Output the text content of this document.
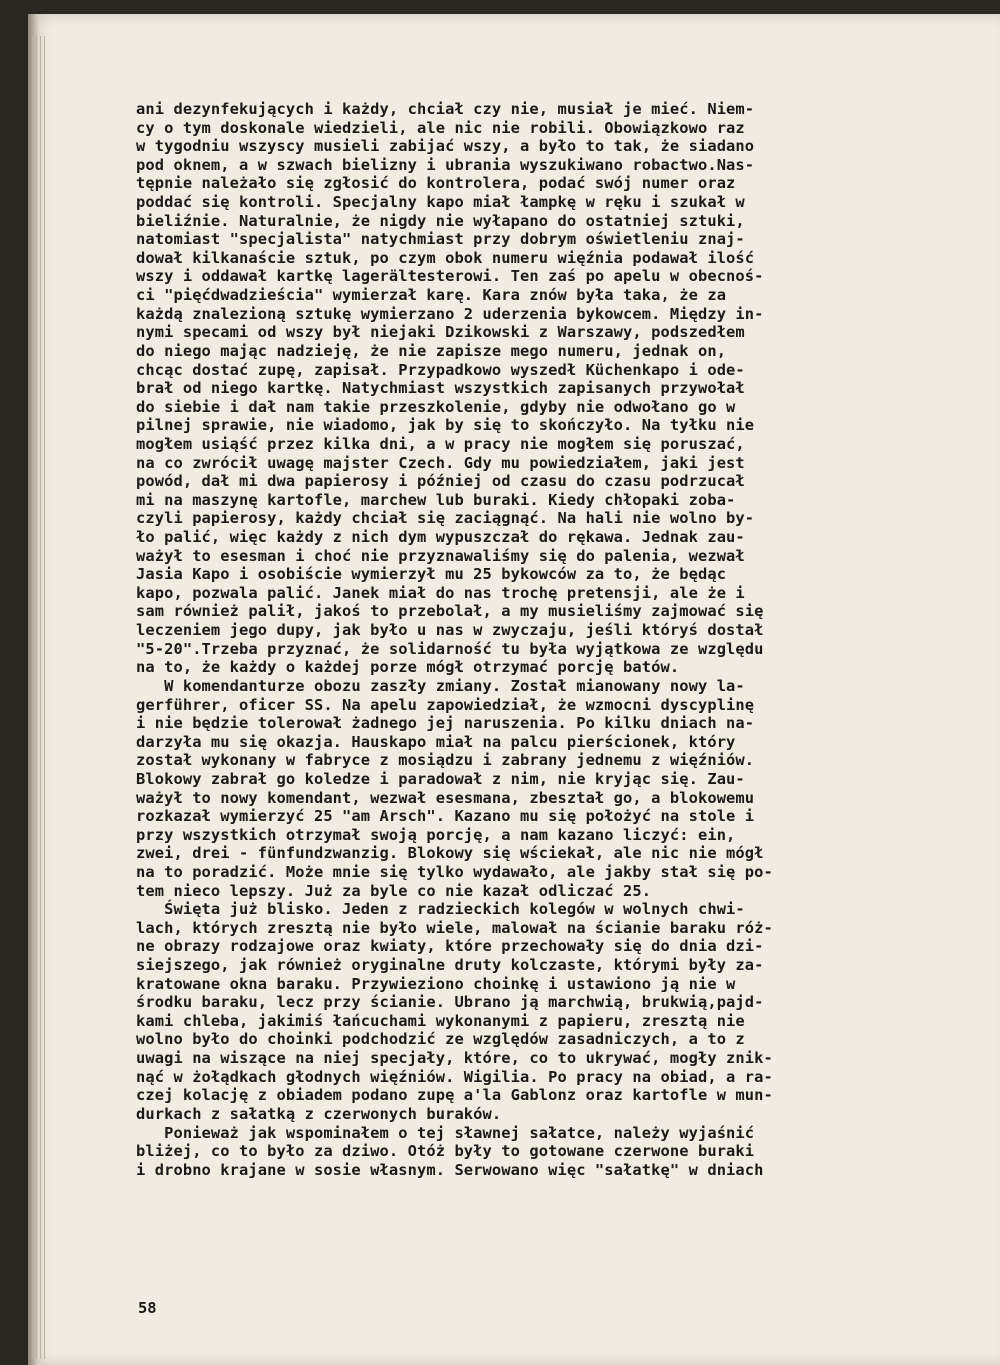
ani dezynfekujących i każdy, chciał czy nie, musiał je mieć. Niem-
cy o tym doskonale wiedzieli, ale nic nie robili. Obowiązkowo raz
w tygodniu wszyscy musieli zabijać wszy, a było to tak, że siadano
pod oknem, a w szwach bielizny i ubrania wyszukiwano robactwo.Nas-
tępnie należało się zgłosić do kontrolera, podać swój numer oraz
poddać się kontroli. Specjalny kapo miał łampkę w ręku i szukał w
bieliźnie. Naturalnie, że nigdy nie wyłapano do ostatniej sztuki,
natomiast "specjalista" natychmiast przy dobrym oświetleniu znaj-
dował kilkanaście sztuk, po czym obok numeru więźnia podawał ilość
wszy i oddawał kartkę lagerältesterowi. Ten zaś po apelu w obecnoś-
ci "pięćdwadzieścia" wymierzał karę. Kara znów była taka, że za
każdą znalezioną sztukę wymierzano 2 uderzenia bykowcem. Między in-
nymi specami od wszy był niejaki Dzikowski z Warszawy, podszedłem
do niego mając nadzieję, że nie zapisze mego numeru, jednak on,
chcąc dostać zupę, zapisał. Przypadkowo wyszedł Küchenkapo i ode-
brał od niego kartkę. Natychmiast wszystkich zapisanych przywołał
do siebie i dał nam takie przeszkolenie, gdyby nie odwołano go w
pilnej sprawie, nie wiadomo, jak by się to skończyło. Na tyłku nie
mogłem usiąść przez kilka dni, a w pracy nie mogłem się poruszać,
na co zwrócił uwagę majster Czech. Gdy mu powiedziałem, jaki jest
powód, dał mi dwa papierosy i później od czasu do czasu podrzucał
mi na maszynę kartofle, marchew lub buraki. Kiedy chłopaki zoba-
czyli papierosy, każdy chciał się zaciągnąć. Na hali nie wolno by-
ło palić, więc każdy z nich dym wypuszczał do rękawa. Jednak zau-
ważył to esesman i choć nie przyznawaliśmy się do palenia, wezwał
Jasia Kapo i osobiście wymierzył mu 25 bykowców za to, że będąc
kapo, pozwala palić. Janek miał do nas trochę pretensji, ale że i
sam również palił, jakoś to przebolał, a my musieliśmy zajmować się
leczeniem jego dupy, jak było u nas w zwyczaju, jeśli któryś dostał
"5-20".Trzeba przyznać, że solidarność tu była wyjątkowa ze względu
na to, że każdy o każdej porze mógł otrzymać porcję batów.
W komendanturze obozu zaszły zmiany. Został mianowany nowy la-
gerführer, oficer SS. Na apelu zapowiedział, że wzmocni dyscyplinę
i nie będzie tolerował żadnego jej naruszenia. Po kilku dniach na-
darzyła mu się okazja. Hauskapo miał na palcu pierścionek, który
został wykonany w fabryce z mosiądzu i zabrany jednemu z więźniów.
Blokowy zabrał go koledze i paradował z nim, nie kryjąc się. Zau-
ważył to nowy komendant, wezwał esesmana, zbeształ go, a blokowemu
rozkazał wymierzyć 25 "am Arsch". Kazano mu się położyć na stole i
przy wszystkich otrzymał swoją porcję, a nam kazano liczyć: ein,
zwei, drei - fünfundzwanzig. Blokowy się wściekał, ale nic nie mógł
na to poradzić. Może mnie się tylko wydawało, ale jakby stał się po-
tem nieco lepszy. Już za byle co nie kazał odliczać 25.
Święta już blisko. Jeden z radzieckich kolegów w wolnych chwi-
lach, których zresztą nie było wiele, malował na ścianie baraku róż-
ne obrazy rodzajowe oraz kwiaty, które przechowały się do dnia dzi-
siejszego, jak również oryginalne druty kolczaste, którymi były za-
kratowane okna baraku. Przywieziono choinkę i ustawiono ją nie w
środku baraku, lecz przy ścianie. Ubrano ją marchwią, brukwią,pajd-
kami chleba, jakimiś łańcuchami wykonanymi z papieru, zresztą nie
wolno było do choinki podchodzić ze względów zasadniczych, a to z
uwagi na wiszące na niej specjały, które, co to ukrywać, mogły znik-
nąć w żołądkach głodnych więźniów. Wigilia. Po pracy na obiad, a ra-
czej kolację z obiadem podano zupę a'la Gablonz oraz kartofle w mun-
durkach z sałatką z czerwonych buraków.
Ponieważ jak wspominałem o tej sławnej sałatce, należy wyjaśnić
bliżej, co to było za dziwo. Otóż były to gotowane czerwone buraki
i drobno krajane w sosie własnym. Serwowano więc "sałatkę" w dniach
58
